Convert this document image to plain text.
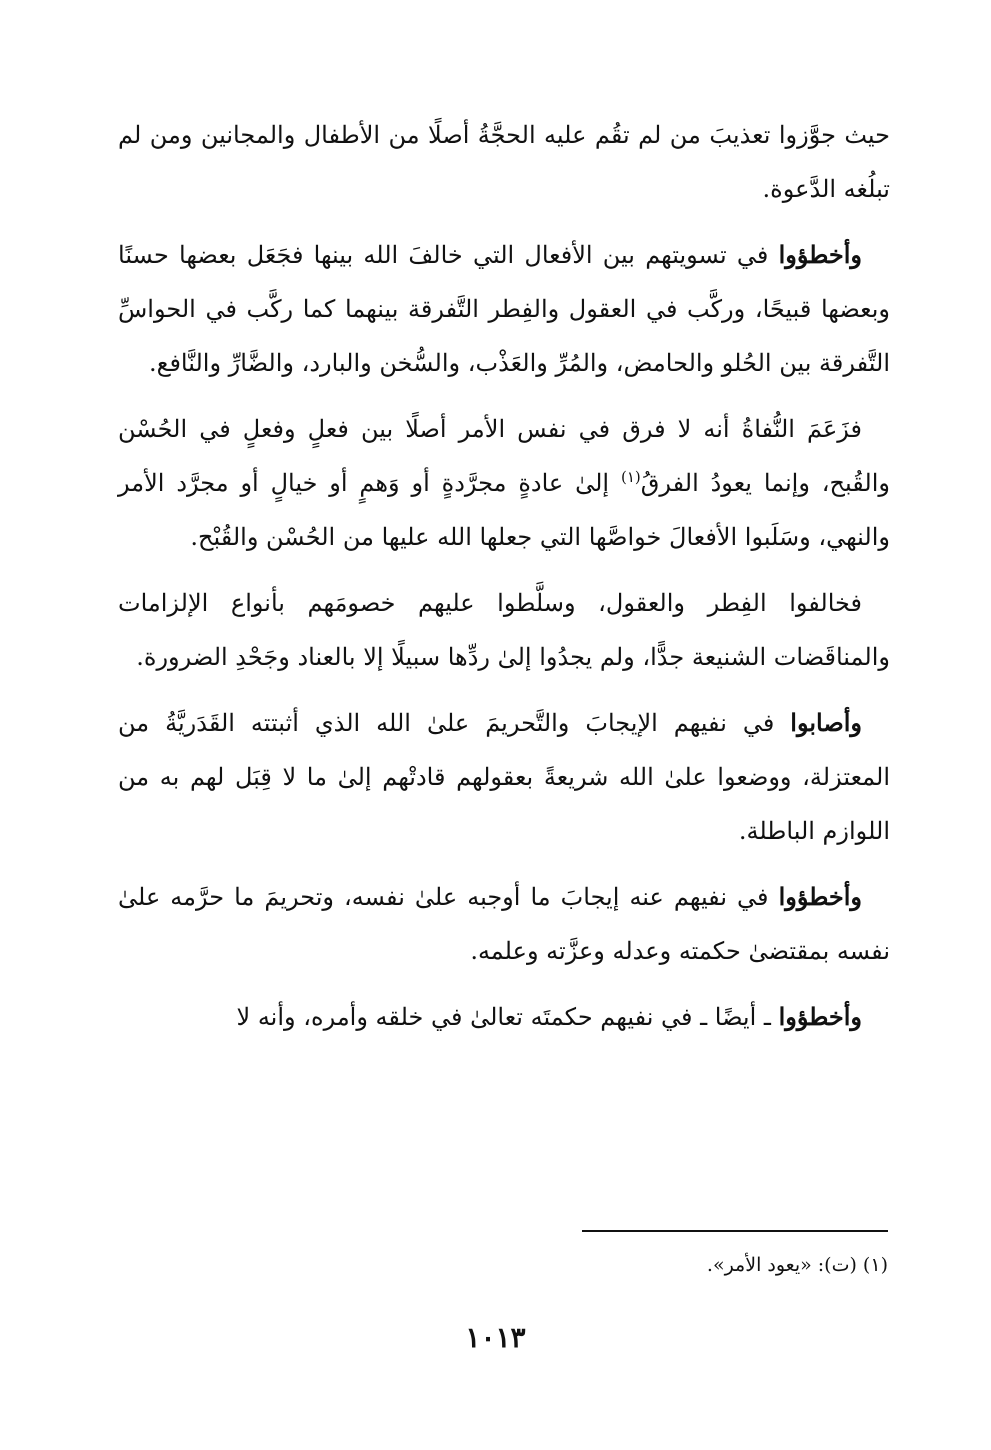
حيث جوَّزوا تعذيبَ من لم تقُم عليه الحجَّةُ أصلًا من الأطفال والمجانين ومن لم تبلُغه الدَّعوة.

وأخطؤوا في تسويتهم بين الأفعال التي خالفَ الله بينها فجَعَل بعضها حسنًا وبعضها قبيحًا، وركَّب في العقول والفِطر التَّفرقة بينهما كما ركَّب في الحواسِّ التَّفرقة بين الحُلو والحامض، والمُرِّ والعَذْب، والسُّخن والبارد، والضَّارِّ والنَّافع.

فزَعَمَ النُّفاةُ أنه لا فرق في نفس الأمر أصلًا بين فعلٍ وفعلٍ في الحُسْن والقُبح، وإنما يعودُ الفرقُ$^{(١)}$ إلىٰ عادةٍ مجرَّدةٍ أو وَهمٍ أو خيالٍ أو مجرَّد الأمر والنهي، وسَلَبوا الأفعالَ خواصَّها التي جعلها الله عليها من الحُسْن والقُبْح.

فخالفوا الفِطر والعقول، وسلَّطوا عليهم خصومَهم بأنواع الإلزامات والمناقَضات الشنيعة جدًّا، ولم يجدُوا إلىٰ ردِّها سبيلًا إلا بالعناد وجَحْدِ الضرورة.

وأصابوا في نفيهم الإيجابَ والتَّحريمَ علىٰ الله الذي أثبتته القَدَريَّةُ من المعتزلة، ووضعوا علىٰ الله شريعةً بعقولهم قادتْهم إلىٰ ما لا قِبَل لهم به من اللوازم الباطلة.

وأخطؤوا في نفيهم عنه إيجابَ ما أوجبه علىٰ نفسه، وتحريمَ ما حرَّمه علىٰ نفسه بمقتضىٰ حكمته وعدله وعزَّته وعلمه.

وأخطؤوا ـ أيضًا ـ في نفيهم حكمتَه تعالىٰ في خلقه وأمره، وأنه لا

(١) (ت): «يعود الأمر».
١٠١٣
